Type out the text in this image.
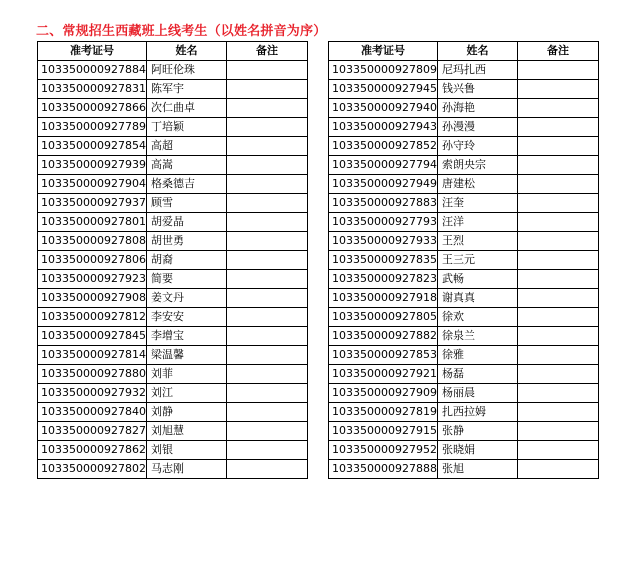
二、常规招生西藏班上线考生（以姓名拼音为序）
准考证号	姓名	备注
103350000927884	阿旺伦珠	
103350000927831	陈军宇	
103350000927866	次仁曲卓	
103350000927789	丁培颖	
103350000927854	高超	
103350000927939	高嵩	
103350000927904	格桑德吉	
103350000927937	顾雪	
103350000927801	胡爱晶	
103350000927808	胡世勇	
103350000927806	胡裔	
103350000927923	简要	
103350000927908	姜文丹	
103350000927812	李安安	
103350000927845	李增宝	
103350000927814	梁温馨	
103350000927880	刘菲	
103350000927932	刘江	
103350000927840	刘静	
103350000927827	刘旭慧	
103350000927862	刘银	
103350000927802	马志刚	
准考证号	姓名	备注
103350000927809	尼玛扎西	
103350000927945	钱兴鲁	
103350000927940	孙海艳	
103350000927943	孙漫漫	
103350000927852	孙守玲	
103350000927794	索朗央宗	
103350000927949	唐建松	
103350000927883	汪奎	
103350000927793	汪洋	
103350000927933	王烈	
103350000927835	王三元	
103350000927823	武畅	
103350000927918	谢真真	
103350000927805	徐欢	
103350000927882	徐泉兰	
103350000927853	徐雅	
103350000927921	杨磊	
103350000927909	杨丽晨	
103350000927819	扎西拉姆	
103350000927915	张静	
103350000927952	张晓娟	
103350000927888	张旭	
